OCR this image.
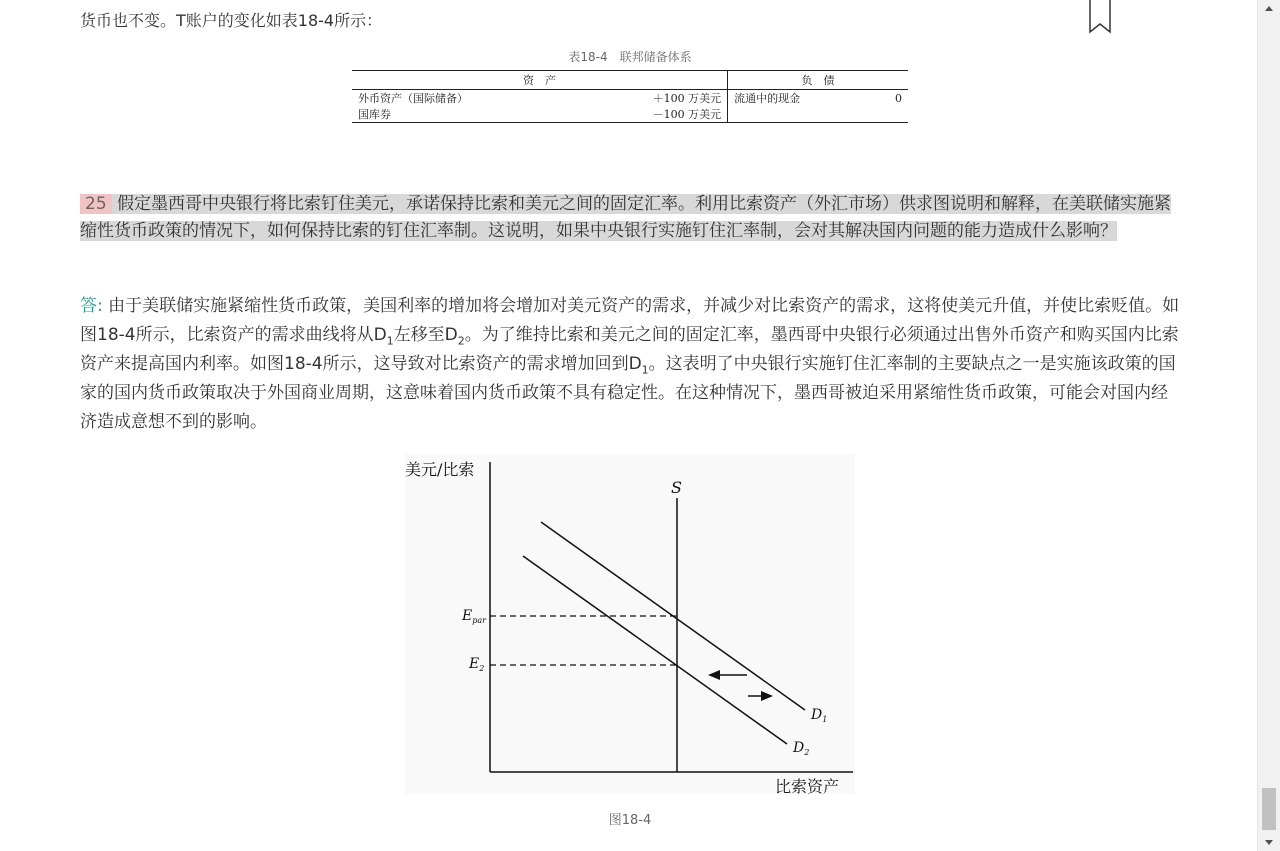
货币也不变。T账户的变化如表18-4所示：
表18-4　联邦储备体系
资　产		负　债	
外币资产（国际储备）	＋100 万美元	流通中的现金	0
国库券	－100 万美元		
25 假定墨西哥中央银行将比索钉住美元，承诺保持比索和美元之间的固定汇率。利用比索资产（外汇市场）供求图说明和解释，在美联储实施紧缩性货币政策的情况下，如何保持比索的钉住汇率制。这说明，如果中央银行实施钉住汇率制，会对其解决国内问题的能力造成什么影响？
答: 由于美联储实施紧缩性货币政策，美国利率的增加将会增加对美元资产的需求，并减少对比索资产的需求，这将使美元升值，并使比索贬值。如图18-4所示，比索资产的需求曲线将从$D_1$左移至$D_2$。为了维持比索和美元之间的固定汇率，墨西哥中央银行必须通过出售外币资产和购买国内比索资产来提高国内利率。如图18-4所示，这导致对比索资产的需求增加回到$D_1$。这表明了中央银行实施钉住汇率制的主要缺点之一是实施该政策的国家的国内货币政策取决于外国商业周期，这意味着国内货币政策不具有稳定性。在这种情况下，墨西哥被迫采用紧缩性货币政策，可能会对国内经济造成意想不到的影响。
美元/比索
比索资产
S
$E_{par}$
$E_2$
$D_1$
$D_2$
图18-4
